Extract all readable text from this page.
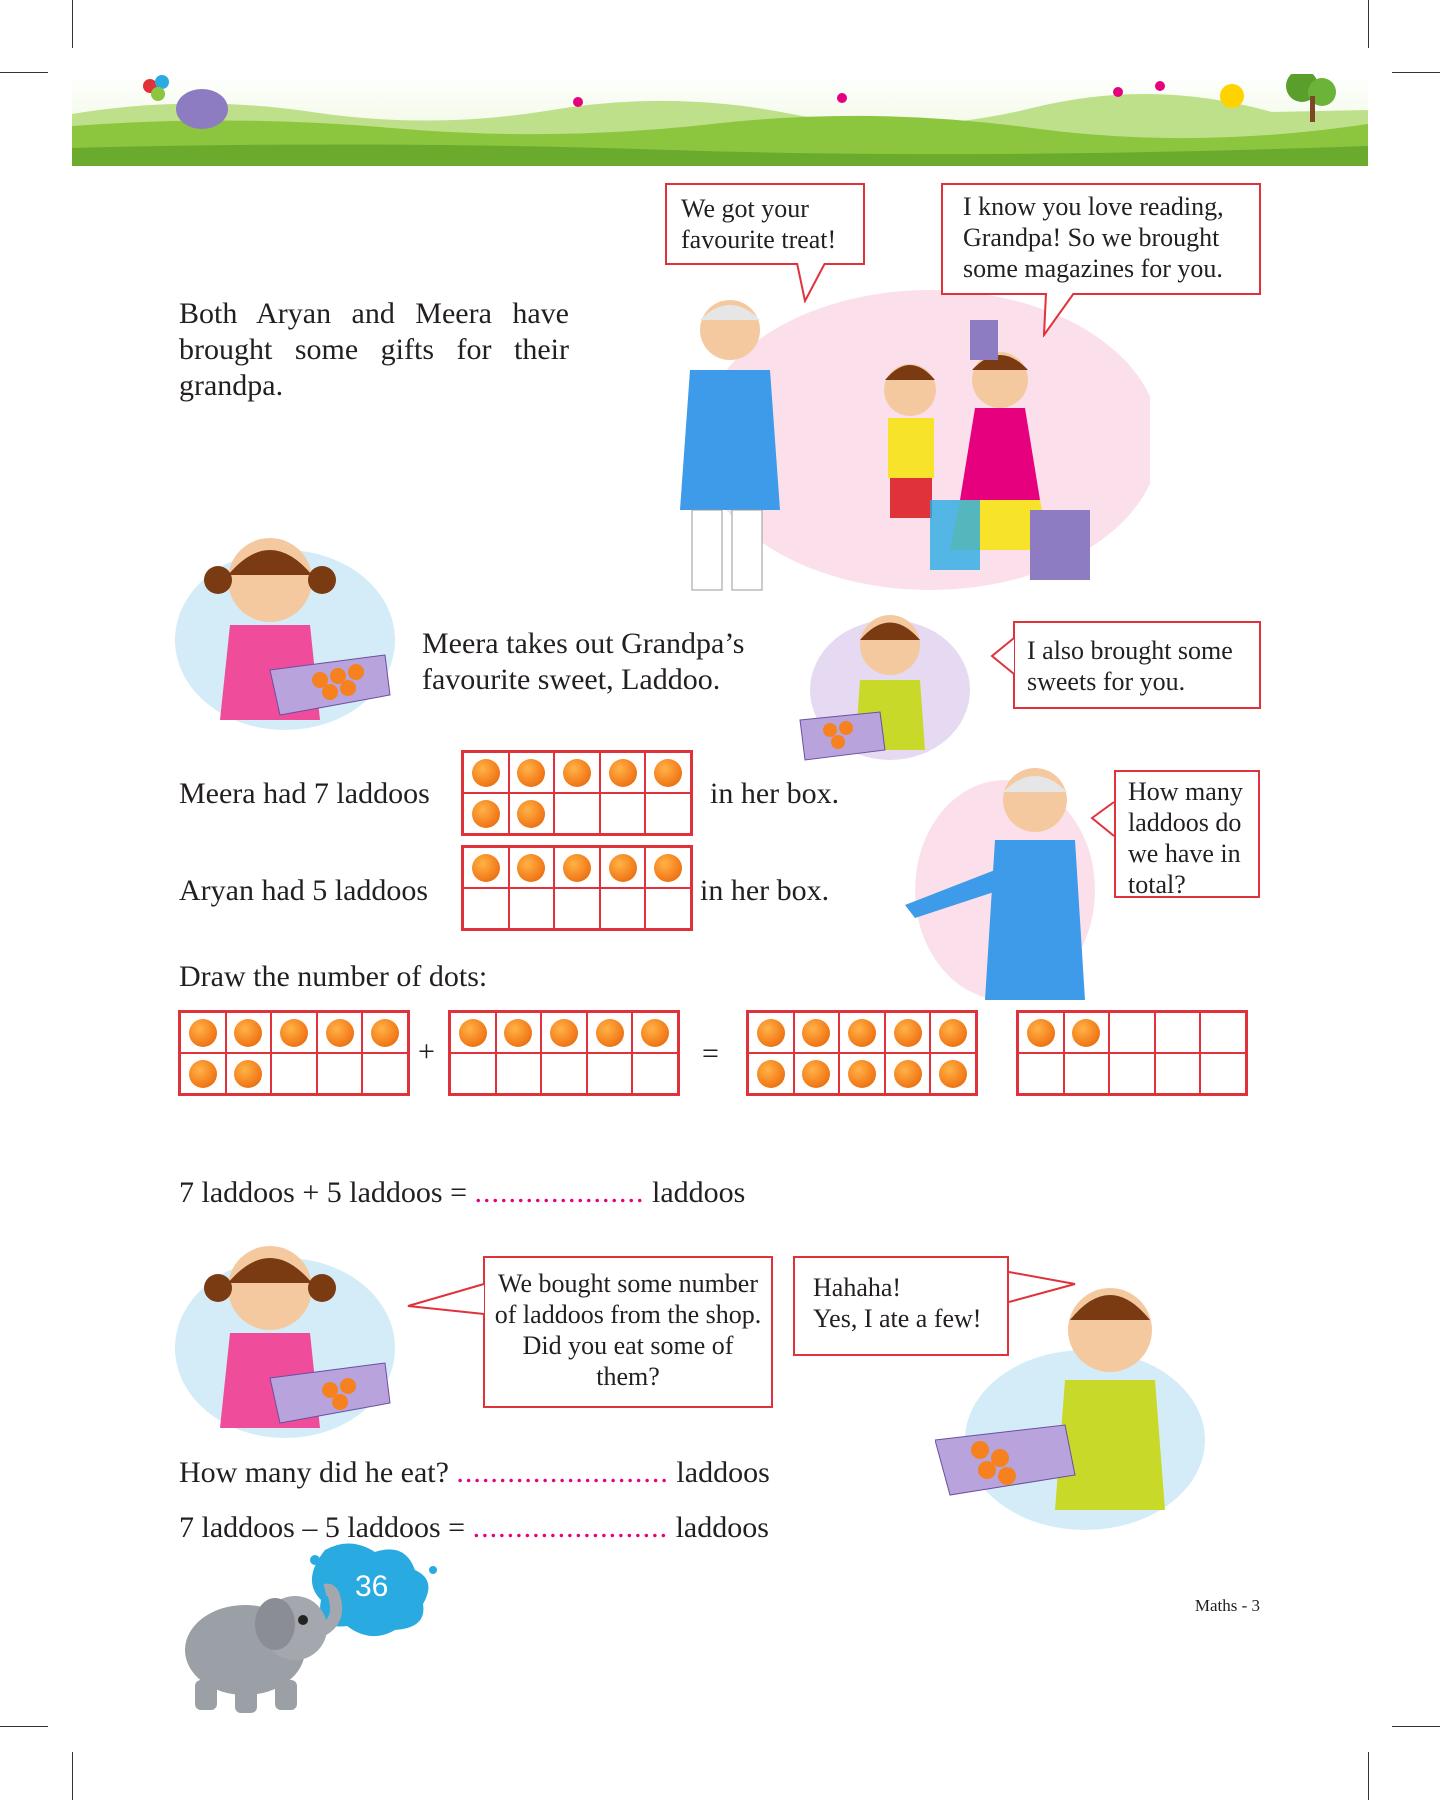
Both Aryan and Meera have brought some gifts for their grandpa.
We got your favourite treat!
I know you love reading, Grandpa! So we brought some magazines for you.
Meera takes out Grandpa’s
favourite sweet, Laddoo.
I also brought some sweets for you.
Meera had 7 laddoos	in her box.
Aryan had 5 laddoos	in her box.
How many laddoos do we have in total?
Draw the number of dots:
+	=
7 laddoos + 5 laddoos = .................... laddoos
We bought some number of laddoos from the shop. Did you eat some of them?
Hahaha!
Yes, I ate a few!
How many did he eat? ......................... laddoos
7 laddoos – 5 laddoos = ....................... laddoos
36
Maths - 3
